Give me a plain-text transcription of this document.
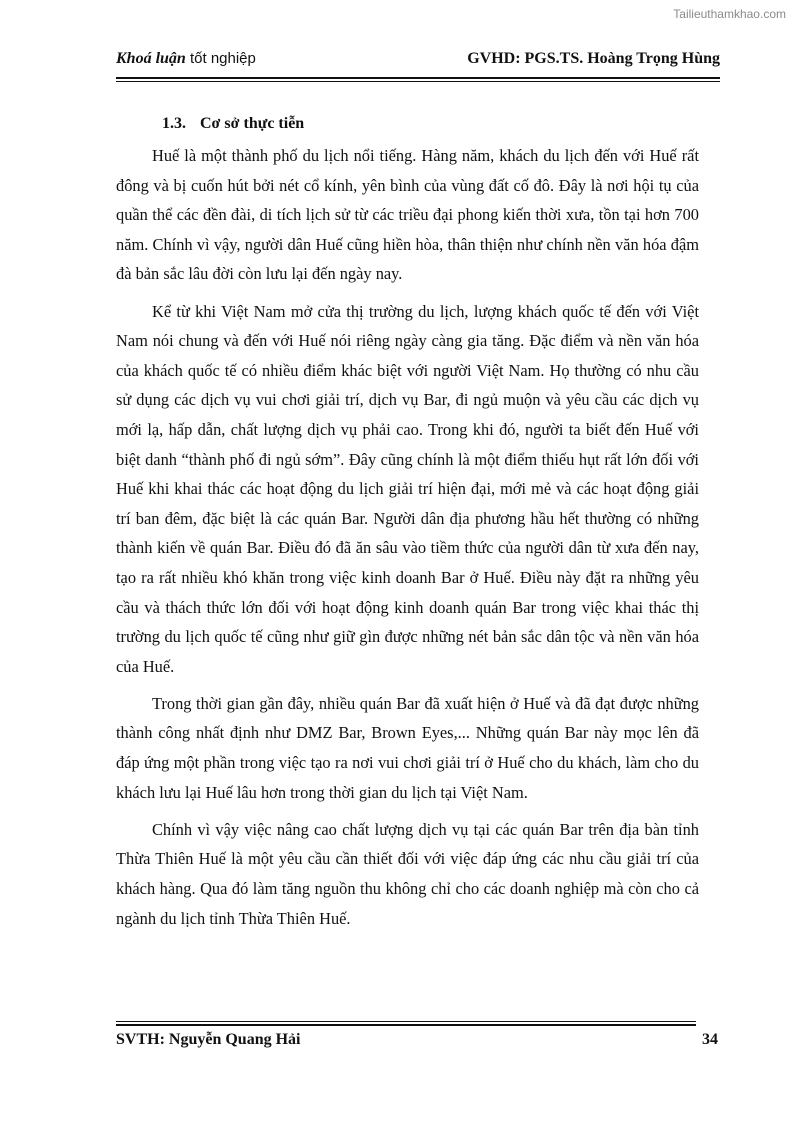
Tailieuthamkhao.com
Khoá luận tốt nghiệp	GVHD: PGS.TS. Hoàng Trọng Hùng
1.3. Cơ sở thực tiễn

Huế là một thành phố du lịch nổi tiếng. Hàng năm, khách du lịch đến với Huế rất đông và bị cuốn hút bởi nét cổ kính, yên bình của vùng đất cố đô. Đây là nơi hội tụ của quần thể các đền đài, di tích lịch sử từ các triều đại phong kiến thời xưa, tồn tại hơn 700 năm. Chính vì vậy, người dân Huế cũng hiền hòa, thân thiện như chính nền văn hóa đậm đà bản sắc lâu đời còn lưu lại đến ngày nay.

Kể từ khi Việt Nam mở cửa thị trường du lịch, lượng khách quốc tế đến với Việt Nam nói chung và đến với Huế nói riêng ngày càng gia tăng. Đặc điểm và nền văn hóa của khách quốc tế có nhiều điểm khác biệt với người Việt Nam. Họ thường có nhu cầu sử dụng các dịch vụ vui chơi giải trí, dịch vụ Bar, đi ngủ muộn và yêu cầu các dịch vụ mới lạ, hấp dẫn, chất lượng dịch vụ phải cao. Trong khi đó, người ta biết đến Huế với biệt danh “thành phố đi ngủ sớm”. Đây cũng chính là một điểm thiếu hụt rất lớn đối với Huế khi khai thác các hoạt động du lịch giải trí hiện đại, mới mẻ và các hoạt động giải trí ban đêm, đặc biệt là các quán Bar. Người dân địa phương hầu hết thường có những thành kiến về quán Bar. Điều đó đã ăn sâu vào tiềm thức của người dân từ xưa đến nay, tạo ra rất nhiều khó khăn trong việc kinh doanh Bar ở Huế. Điều này đặt ra những yêu cầu và thách thức lớn đối với hoạt động kinh doanh quán Bar trong việc khai thác thị trường du lịch quốc tế cũng như giữ gìn được những nét bản sắc dân tộc và nền văn hóa của Huế.

Trong thời gian gần đây, nhiều quán Bar đã xuất hiện ở Huế và đã đạt được những thành công nhất định như DMZ Bar, Brown Eyes,... Những quán Bar này mọc lên đã đáp ứng một phần trong việc tạo ra nơi vui chơi giải trí ở Huế cho du khách, làm cho du khách lưu lại Huế lâu hơn trong thời gian du lịch tại Việt Nam.

Chính vì vậy việc nâng cao chất lượng dịch vụ tại các quán Bar trên địa bàn tỉnh Thừa Thiên Huế là một yêu cầu cần thiết đối với việc đáp ứng các nhu cầu giải trí của khách hàng. Qua đó làm tăng nguồn thu không chỉ cho các doanh nghiệp mà còn cho cả ngành du lịch tỉnh Thừa Thiên Huế.

SVTH: Nguyễn Quang Hải	34
